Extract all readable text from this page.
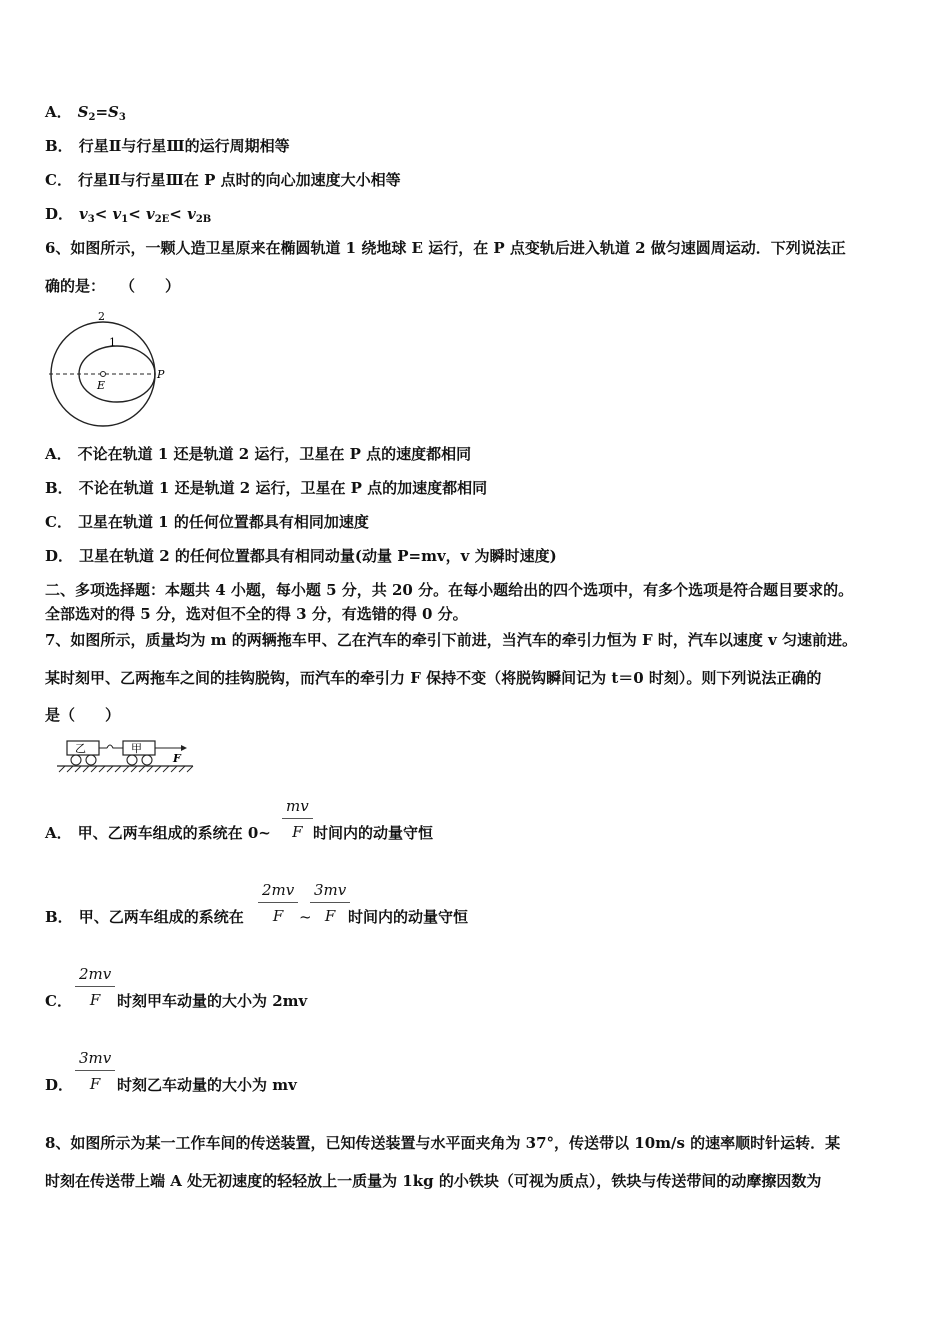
A． $S_2=S_3$
B． 行星Ⅱ与行星Ⅲ的运行周期相等
C． 行星Ⅱ与行星Ⅲ在 P 点时的向心加速度大小相等
D． $v_3< v_1< v_{2E}< v_{2B}$
6、如图所示，一颗人造卫星原来在椭圆轨道 1 绕地球 E 运行，在 P 点变轨后进入轨道 2 做匀速圆周运动．下列说法正
确的是：　　（　　）
2
1
E
P
A． 不论在轨道 1 还是轨道 2 运行，卫星在 P 点的速度都相同
B． 不论在轨道 1 还是轨道 2 运行，卫星在 P 点的加速度都相同
C． 卫星在轨道 1 的任何位置都具有相同加速度
D． 卫星在轨道 2 的任何位置都具有相同动量(动量 P=mv，v 为瞬时速度)
二、多项选择题：本题共 4 小题，每小题 5 分，共 20 分。在每小题给出的四个选项中，有多个选项是符合题目要求的。
全部选对的得 5 分，选对但不全的得 3 分，有选错的得 0 分。
7、如图所示，质量均为 m 的两辆拖车甲、乙在汽车的牵引下前进，当汽车的牵引力恒为 F 时，汽车以速度 v 匀速前进。
某时刻甲、乙两拖车之间的挂钩脱钩，而汽车的牵引力 F 保持不变（将脱钩瞬间记为 t＝0 时刻）。则下列说法正确的
是（　　）
乙	甲
F
A． 甲、乙两车组成的系统在 0~
mv
F 时间内的动量守恒
B． 甲、乙两车组成的系统在
2mv
F	~
3mv
F 时间内的动量守恒
C．
2mv
F	时刻甲车动量的大小为 2mv
D．
3mv
F	时刻乙车动量的大小为 mv
8、如图所示为某一工作车间的传送装置，已知传送装置与水平面夹角为 37°，传送带以 10m/s 的速率顺时针运转．某
时刻在传送带上端 A 处无初速度的轻轻放上一质量为 1kg 的小铁块（可视为质点），铁块与传送带间的动摩擦因数为
